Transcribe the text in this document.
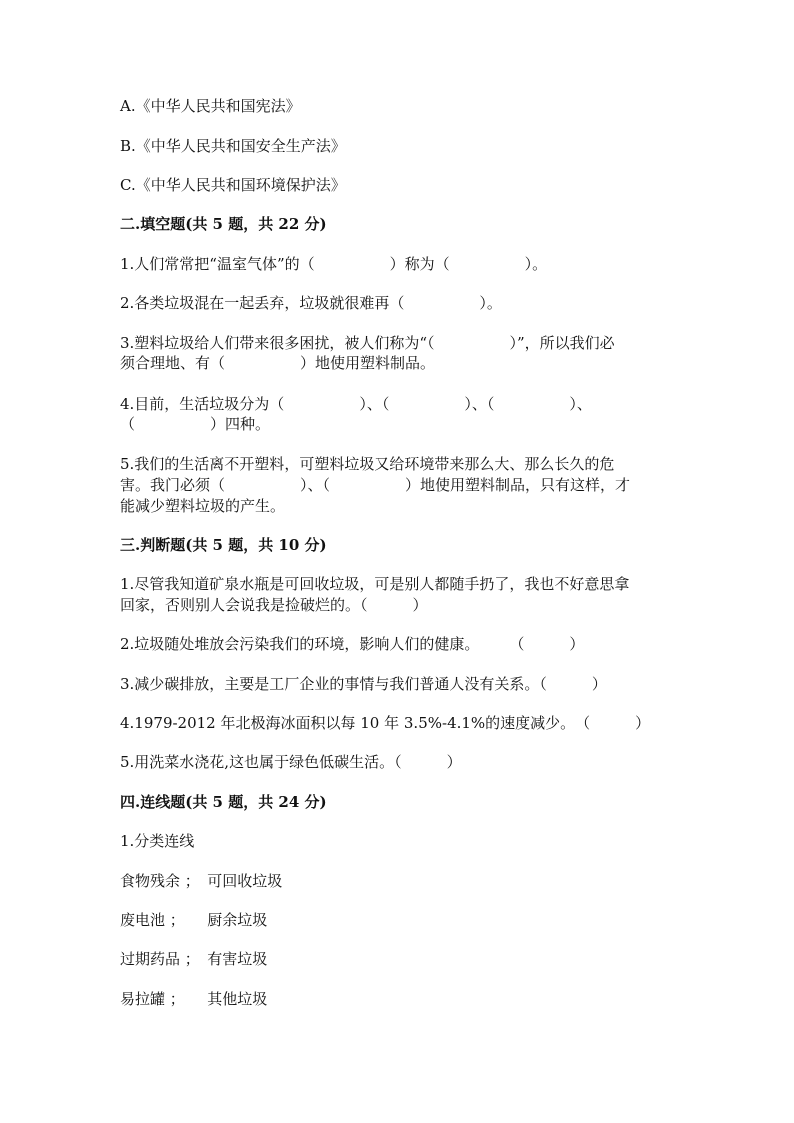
A.《中华人民共和国宪法》
B.《中华人民共和国安全生产法》
C.《中华人民共和国环境保护法》
二.填空题(共 5 题，共 22 分)
1.人们常常把“温室气体”的（　　　　　）称为（　　　　　）。
2.各类垃圾混在一起丢弃，垃圾就很难再（　　　　　）。
3.塑料垃圾给人们带来很多困扰，被人们称为“（　　　　　）”，所以我们必
须合理地、有（　　　　　）地使用塑料制品。
4.目前，生活垃圾分为（　　　　　）、（　　　　　）、（　　　　　）、
（　　　　　）四种。
5.我们的生活离不开塑料，可塑料垃圾又给环境带来那么大、那么长久的危
害。我门必须（　　　　　）、（　　　　　）地使用塑料制品，只有这样，才
能减少塑料垃圾的产生。
三.判断题(共 5 题，共 10 分)
1.尽管我知道矿泉水瓶是可回收垃圾，可是别人都随手扔了，我也不好意思拿
回家，否则别人会说我是捡破烂的。（　　　）
2.垃圾随处堆放会污染我们的环境，影响人们的健康。　　　（　　　）
3.减少碳排放，主要是工厂企业的事情与我们普通人没有关系。（　　　）
4.1979-2012 年北极海冰面积以每 10 年 3.5%-4.1%的速度减少。　（　　　）
5.用洗菜水浇花,这也属于绿色低碳生活。（　　　）
四.连线题(共 5 题，共 24 分)
1.分类连线
食物残余 ；　可回收垃圾
废电池 ；　　厨余垃圾
过期药品 ；　有害垃圾
易拉罐 ；　　其他垃圾
